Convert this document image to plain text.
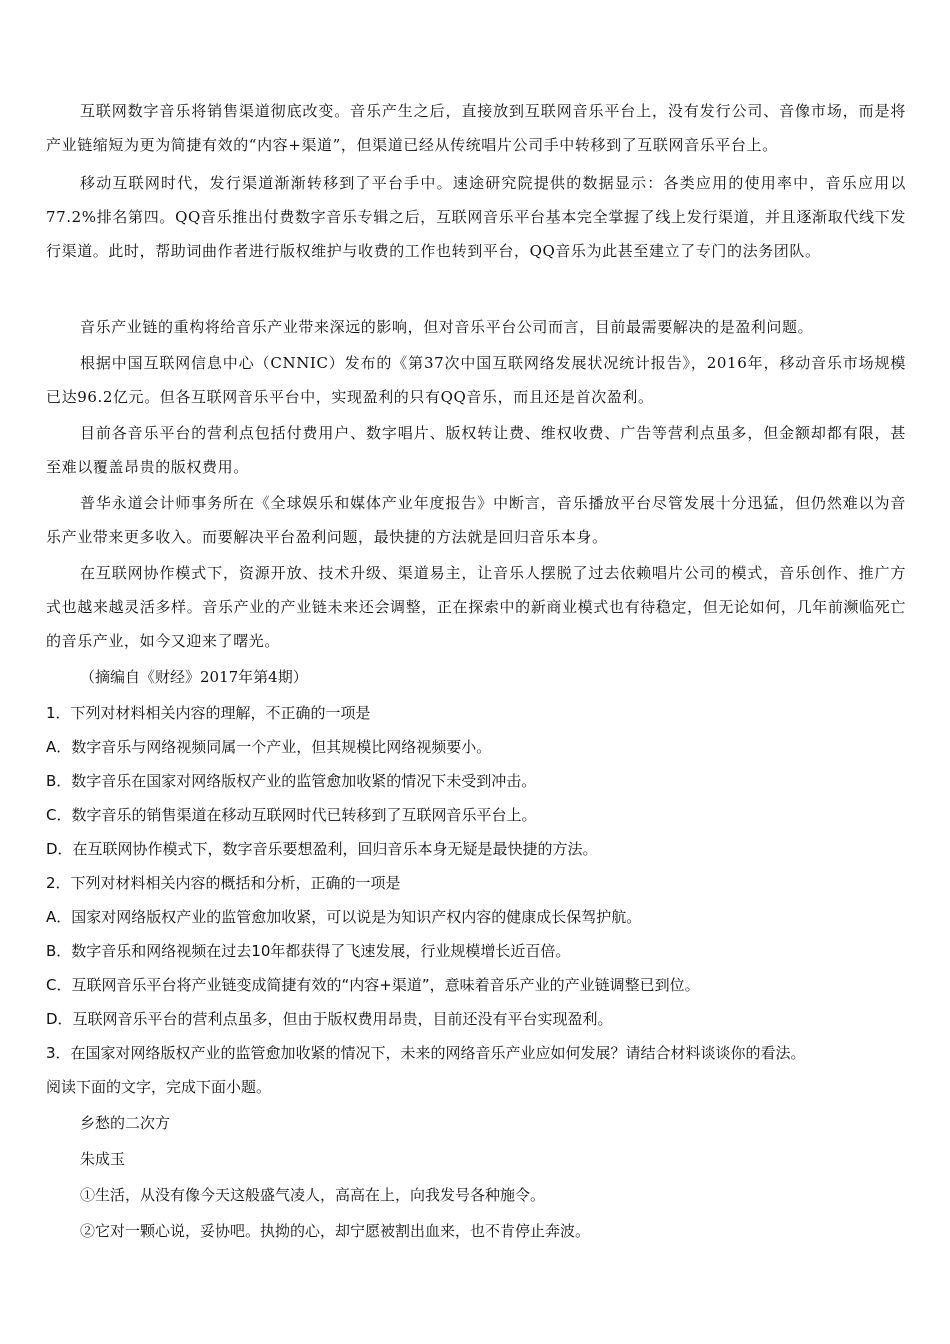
互联网数字音乐将销售渠道彻底改变。音乐产生之后，直接放到互联网音乐平台上，没有发行公司、音像市场，而是将产业链缩短为更为简捷有效的“内容+渠道”，但渠道已经从传统唱片公司手中转移到了互联网音乐平台上。

移动互联网时代，发行渠道渐渐转移到了平台手中。速途研究院提供的数据显示：各类应用的使用率中，音乐应用以77.2%排名第四。QQ音乐推出付费数字音乐专辑之后，互联网音乐平台基本完全掌握了线上发行渠道，并且逐渐取代线下发行渠道。此时，帮助词曲作者进行版权维护与收费的工作也转到平台，QQ音乐为此甚至建立了专门的法务团队。

音乐产业链的重构将给音乐产业带来深远的影响，但对音乐平台公司而言，目前最需要解决的是盈利问题。

根据中国互联网信息中心（CNNIC）发布的《第37次中国互联网络发展状况统计报告》，2016年，移动音乐市场规模已达96.2亿元。但各互联网音乐平台中，实现盈利的只有QQ音乐，而且还是首次盈利。

目前各音乐平台的营利点包括付费用户、数字唱片、版权转让费、维权收费、广告等营利点虽多，但金额却都有限，甚至难以覆盖昂贵的版权费用。

普华永道会计师事务所在《全球娱乐和媒体产业年度报告》中断言，音乐播放平台尽管发展十分迅猛，但仍然难以为音乐产业带来更多收入。而要解决平台盈利问题，最快捷的方法就是回归音乐本身。

在互联网协作模式下，资源开放、技术升级、渠道易主，让音乐人摆脱了过去依赖唱片公司的模式，音乐创作、推广方式也越来越灵活多样。音乐产业的产业链未来还会调整，正在探索中的新商业模式也有待稳定，但无论如何，几年前濒临死亡的音乐产业，如今又迎来了曙光。

（摘编自《财经》2017年第4期）

1．下列对材料相关内容的理解，不正确的一项是

A．数字音乐与网络视频同属一个产业，但其规模比网络视频要小。

B．数字音乐在国家对网络版权产业的监管愈加收紧的情况下未受到冲击。

C．数字音乐的销售渠道在移动互联网时代已转移到了互联网音乐平台上。

D．在互联网协作模式下，数字音乐要想盈利，回归音乐本身无疑是最快捷的方法。

2．下列对材料相关内容的概括和分析，正确的一项是

A．国家对网络版权产业的监管愈加收紧，可以说是为知识产权内容的健康成长保驾护航。

B．数字音乐和网络视频在过去10年都获得了飞速发展，行业规模增长近百倍。

C．互联网音乐平台将产业链变成简捷有效的“内容+渠道”，意味着音乐产业的产业链调整已到位。

D．互联网音乐平台的营利点虽多，但由于版权费用昂贵，目前还没有平台实现盈利。

3．在国家对网络版权产业的监管愈加收紧的情况下，未来的网络音乐产业应如何发展？请结合材料谈谈你的看法。

阅读下面的文字，完成下面小题。

乡愁的二次方

朱成玉

①生活，从没有像今天这般盛气凌人，高高在上，向我发号各种施令。

②它对一颗心说，妥协吧。执拗的心，却宁愿被割出血来，也不肯停止奔波。
